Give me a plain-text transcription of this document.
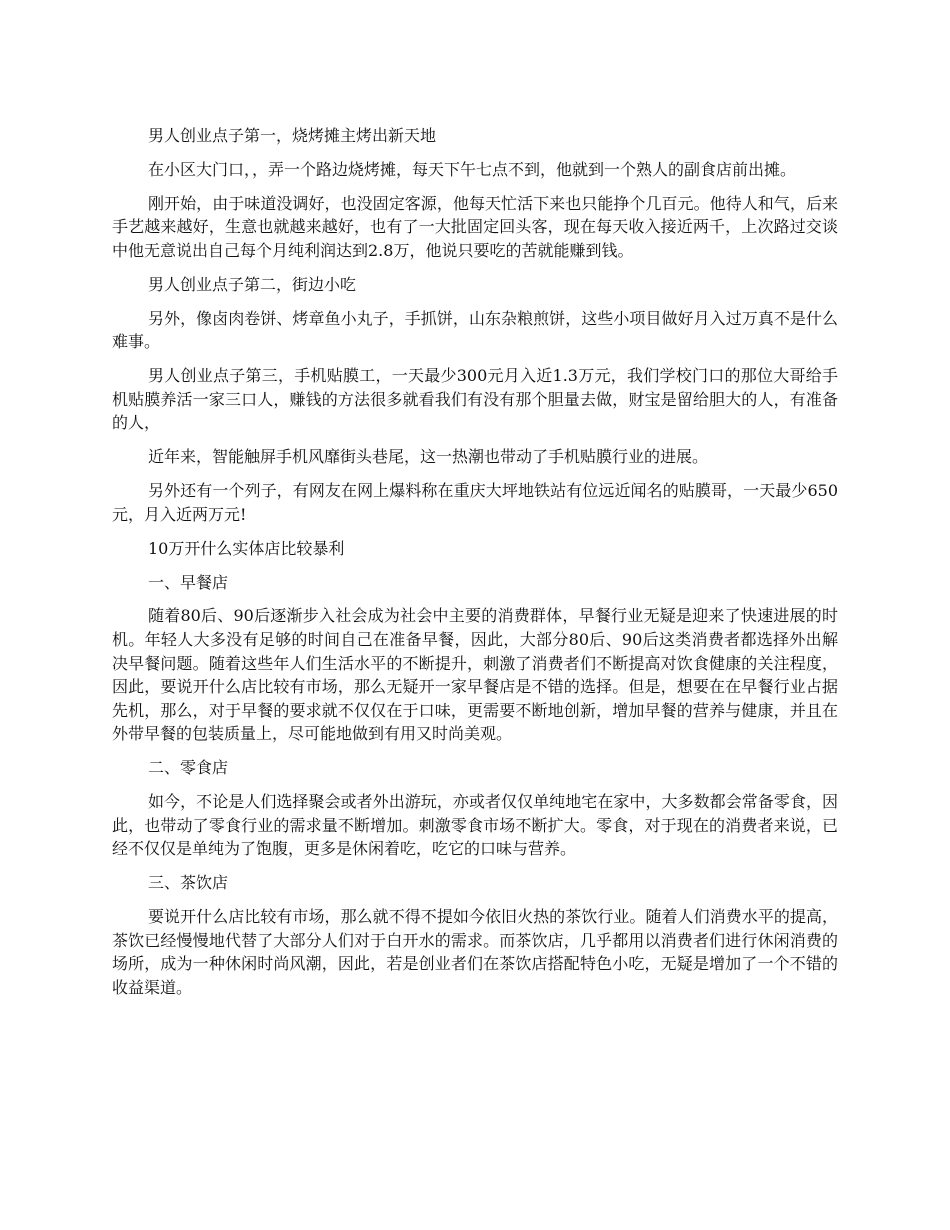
男人创业点子第一，烧烤摊主烤出新天地

在小区大门口，，弄一个路边烧烤摊，每天下午七点不到，他就到一个熟人的副食店前出摊。

刚开始，由于味道没调好，也没固定客源，他每天忙活下来也只能挣个几百元。他待人和气，后来手艺越来越好，生意也就越来越好，也有了一大批固定回头客，现在每天收入接近两千，上次路过交谈中他无意说出自己每个月纯利润达到2.8万，他说只要吃的苦就能赚到钱。

男人创业点子第二，街边小吃

另外，像卤肉卷饼、烤章鱼小丸子，手抓饼，山东杂粮煎饼，这些小项目做好月入过万真不是什么难事。

男人创业点子第三，手机贴膜工，一天最少300元月入近1.3万元，我们学校门口的那位大哥给手机贴膜养活一家三口人，赚钱的方法很多就看我们有没有那个胆量去做，财宝是留给胆大的人，有准备的人，

近年来，智能触屏手机风靡街头巷尾，这一热潮也带动了手机贴膜行业的进展。

另外还有一个列子，有网友在网上爆料称在重庆大坪地铁站有位远近闻名的贴膜哥，一天最少650元，月入近两万元!

10万开什么实体店比较暴利

一、早餐店

随着80后、90后逐渐步入社会成为社会中主要的消费群体，早餐行业无疑是迎来了快速进展的时机。年轻人大多没有足够的时间自己在准备早餐，因此，大部分80后、90后这类消费者都选择外出解决早餐问题。随着这些年人们生活水平的不断提升，刺激了消费者们不断提高对饮食健康的关注程度，因此，要说开什么店比较有市场，那么无疑开一家早餐店是不错的选择。但是，想要在在早餐行业占据先机，那么，对于早餐的要求就不仅仅在于口味，更需要不断地创新，增加早餐的营养与健康，并且在外带早餐的包装质量上，尽可能地做到有用又时尚美观。

二、零食店

如今，不论是人们选择聚会或者外出游玩，亦或者仅仅单纯地宅在家中，大多数都会常备零食，因此，也带动了零食行业的需求量不断增加。刺激零食市场不断扩大。零食，对于现在的消费者来说，已经不仅仅是单纯为了饱腹，更多是休闲着吃，吃它的口味与营养。

三、茶饮店

要说开什么店比较有市场，那么就不得不提如今依旧火热的茶饮行业。随着人们消费水平的提高，茶饮已经慢慢地代替了大部分人们对于白开水的需求。而茶饮店，几乎都用以消费者们进行休闲消费的场所，成为一种休闲时尚风潮，因此，若是创业者们在茶饮店搭配特色小吃，无疑是增加了一个不错的收益渠道。
